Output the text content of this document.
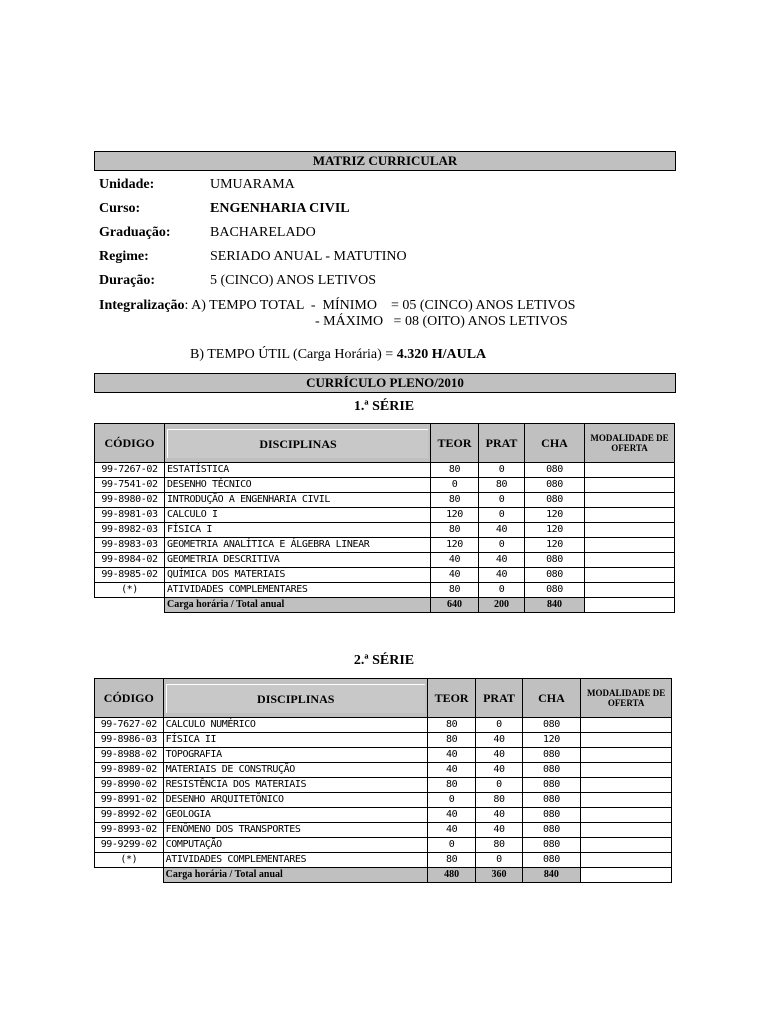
MATRIZ CURRICULAR
Unidade:	UMUARAMA
Curso:	ENGENHARIA CIVIL
Graduação:	BACHARELADO
Regime:	SERIADO ANUAL - MATUTINO
Duração:	5 (CINCO) ANOS LETIVOS
Integralização: A) TEMPO TOTAL  -  MÍNIMO    = 05 (CINCO) ANOS LETIVOS
- MÁXIMO   = 08 (OITO) ANOS LETIVOS
B) TEMPO ÚTIL (Carga Horária) = 4.320 H/AULA
CURRÍCULO PLENO/2010
1.ª SÉRIE
CÓDIGO	DISCIPLINAS	TEOR	PRAT	CHA	MODALIDADE DE OFERTA
99-7267-02	ESTATÍSTICA	80	0	080	
99-7541-02	DESENHO TÉCNICO	0	80	080	
99-8980-02	INTRODUÇÃO A ENGENHARIA CIVIL	80	0	080	
99-8981-03	CALCULO I	120	0	120	
99-8982-03	FÍSICA I	80	40	120	
99-8983-03	GEOMETRIA ANALÍTICA E ÁLGEBRA LINEAR	120	0	120	
99-8984-02	GEOMETRIA DESCRITIVA	40	40	080	
99-8985-02	QUÍMICA DOS MATERIAIS	40	40	080	
(*)	ATIVIDADES COMPLEMENTARES	80	0	080	
	Carga horária / Total anual	640	200	840	
2.ª SÉRIE
CÓDIGO	DISCIPLINAS	TEOR	PRAT	CHA	MODALIDADE DE OFERTA
99-7627-02	CALCULO NUMÉRICO	80	0	080	
99-8986-03	FÍSICA II	80	40	120	
99-8988-02	TOPOGRAFIA	40	40	080	
99-8989-02	MATERIAIS DE CONSTRUÇÃO	40	40	080	
99-8990-02	RESISTÊNCIA DOS MATERIAIS	80	0	080	
99-8991-02	DESENHO ARQUITETÔNICO	0	80	080	
99-8992-02	GEOLOGIA	40	40	080	
99-8993-02	FENÔMENO DOS TRANSPORTES	40	40	080	
99-9299-02	COMPUTAÇÃO	0	80	080	
(*)	ATIVIDADES COMPLEMENTARES	80	0	080	
	Carga horária / Total anual	480	360	840	
